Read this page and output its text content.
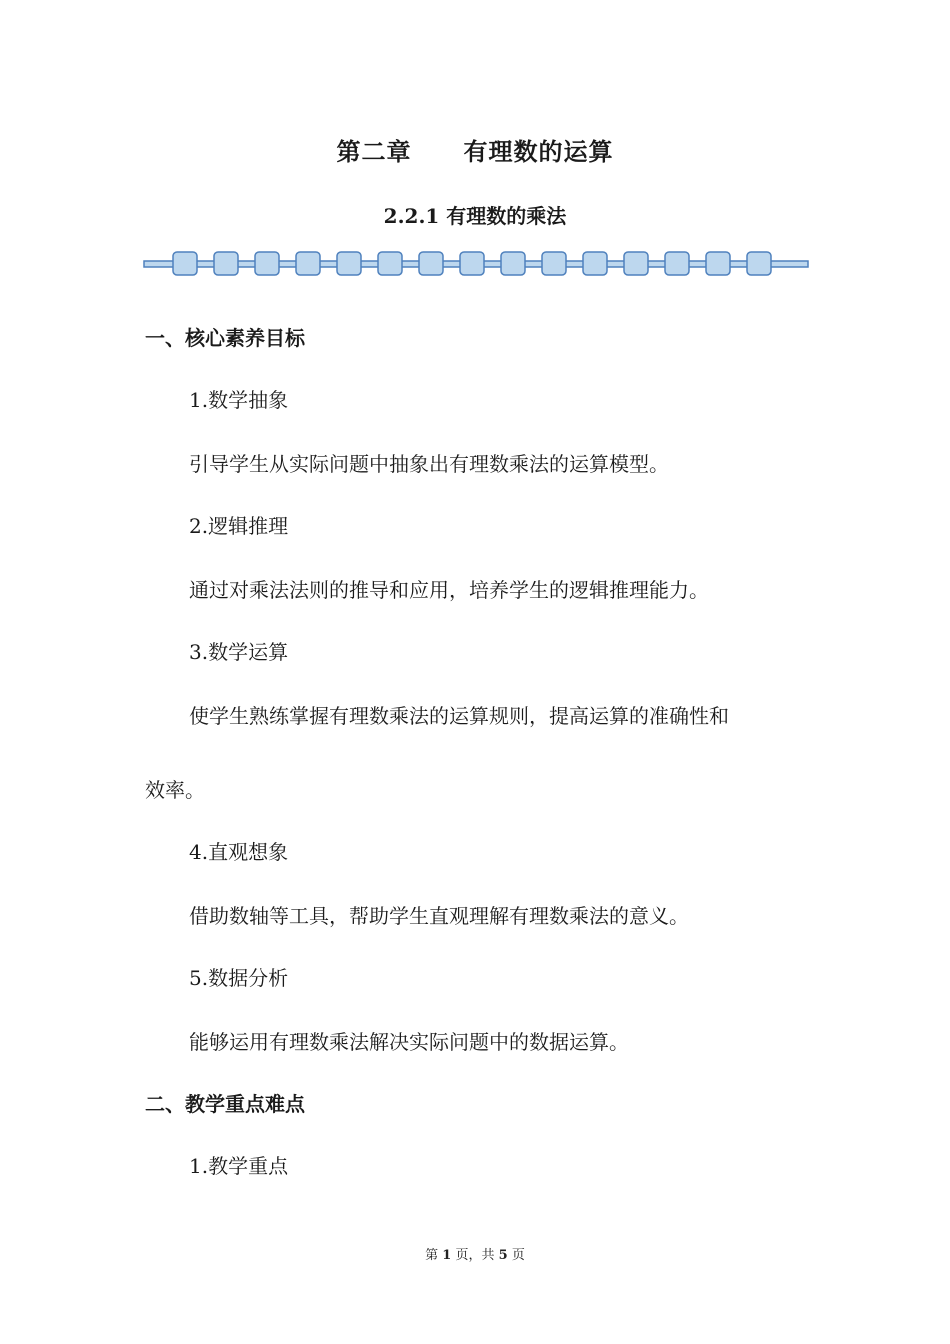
第二章 有理数的运算
2.2.1 有理数的乘法
一、核心素养目标
1.数学抽象
引导学生从实际问题中抽象出有理数乘法的运算模型。
2.逻辑推理
通过对乘法法则的推导和应用，培养学生的逻辑推理能力。
3.数学运算
使学生熟练掌握有理数乘法的运算规则，提高运算的准确性和
效率。
4.直观想象
借助数轴等工具，帮助学生直观理解有理数乘法的意义。
5.数据分析
能够运用有理数乘法解决实际问题中的数据运算。
二、教学重点难点
1.教学重点
第 1 页，共 5 页
